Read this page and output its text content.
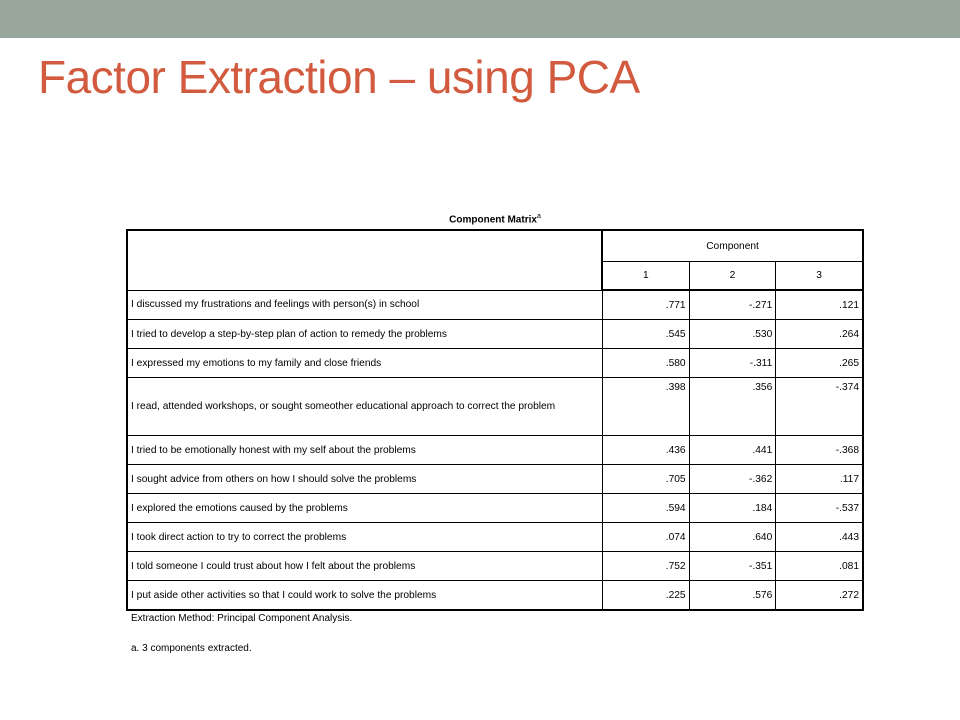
Factor Extraction – using PCA
Component Matrix$^a$
	Component		
	1	2	3
I discussed my frustrations and feelings with person(s) in school	.771	-.271	.121
I tried to develop a step-by-step plan of action to remedy the problems	.545	.530	.264
I expressed my emotions to my family and close friends	.580	-.311	.265
I read, attended workshops, or sought someother educational approach to correct the problem	.398	.356	-.374
I tried to be emotionally honest with my self about the problems	.436	.441	-.368
I sought advice from others on how I should solve the problems	.705	-.362	.117
I explored the emotions caused by the problems	.594	.184	-.537
I took direct action to try to correct the problems	.074	.640	.443
I told someone I could trust about how I felt about the problems	.752	-.351	.081
I put aside other activities so that I could work to solve the problems	.225	.576	.272
Extraction Method: Principal Component Analysis.
a. 3 components extracted.
